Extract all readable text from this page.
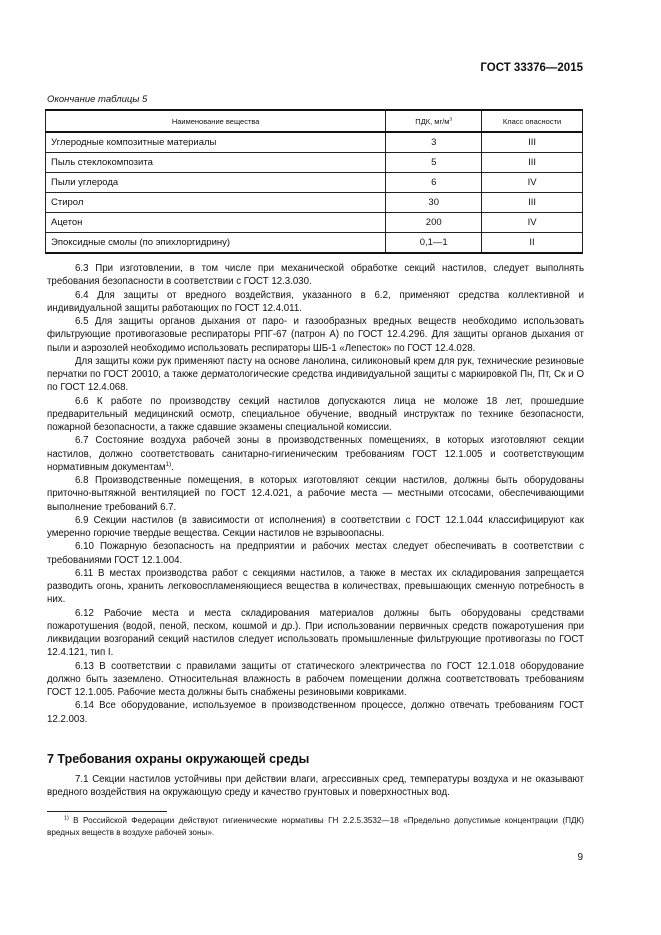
ГОСТ 33376—2015
Окончание таблицы 5
Наименование вещества	ПДК, $мг/м^3$	Класс опасности
Углеродные композитные материалы	3	III
Пыль стеклокомпозита	5	III
Пыли углерода	6	IV
Стирол	30	III
Ацетон	200	IV
Эпоксидные смолы (по эпихлоргидрину)	0,1—1	II

6.3 При изготовлении, в том числе при механической обработке секций настилов, следует выполнять требования безопасности в соответствии с ГОСТ 12.3.030.

6.4 Для защиты от вредного воздействия, указанного в 6.2, применяют средства коллективной и индивидуальной защиты работающих по ГОСТ 12.4.011.

6.5 Для защиты органов дыхания от паро- и газообразных вредных веществ необходимо использовать фильтрующие противогазовые респираторы РПГ-67 (патрон А) по ГОСТ 12.4.296. Для защиты органов дыхания от пыли и аэрозолей необходимо использовать респираторы ШБ-1 «Лепесток» по ГОСТ 12.4.028.

Для защиты кожи рук применяют пасту на основе ланолина, силиконовый крем для рук, технические резиновые перчатки по ГОСТ 20010, а также дерматологические средства индивидуальной защиты с маркировкой Пн, Пт, Ск и О по ГОСТ 12.4.068.

6.6 К работе по производству секций настилов допускаются лица не моложе 18 лет, прошедшие предварительный медицинский осмотр, специальное обучение, вводный инструктаж по технике безопасности, пожарной безопасности, а также сдавшие экзамены специальной комиссии.

6.7 Состояние воздуха рабочей зоны в производственных помещениях, в которых изготовляют секции настилов, должно соответствовать санитарно-гигиеническим требованиям ГОСТ 12.1.005 и соответствующим нормативным документам$^{1)}$.

6.8 Производственные помещения, в которых изготовляют секции настилов, должны быть оборудованы приточно-вытяжной вентиляцией по ГОСТ 12.4.021, а рабочие места — местными отсосами, обеспечивающими выполнение требований 6.7.

6.9 Секции настилов (в зависимости от исполнения) в соответствии с ГОСТ 12.1.044 классифицируют как умеренно горючие твердые вещества. Секции настилов не взрывоопасны.

6.10 Пожарную безопасность на предприятии и рабочих местах следует обеспечивать в соответствии с требованиями ГОСТ 12.1.004.

6.11 В местах производства работ с секциями настилов, а также в местах их складирования запрещается разводить огонь, хранить легковоспламеняющиеся вещества в количествах, превышающих сменную потребность в них.

6.12 Рабочие места и места складирования материалов должны быть оборудованы средствами пожаротушения (водой, пеной, песком, кошмой и др.). При использовании первичных средств пожаротушения при ликвидации возгораний секций настилов следует использовать промышленные фильтрующие противогазы по ГОСТ 12.4.121, тип I.

6.13 В соответствии с правилами защиты от статического электричества по ГОСТ 12.1.018 оборудование должно быть заземлено. Относительная влажность в рабочем помещении должна соответствовать требованиям ГОСТ 12.1.005. Рабочие места должны быть снабжены резиновыми ковриками.

6.14 Все оборудование, используемое в производственном процессе, должно отвечать требованиям ГОСТ 12.2.003.

7 Требования охраны окружающей среды

7.1 Секции настилов устойчивы при действии влаги, агрессивных сред, температуры воздуха и не оказывают вредного воздействия на окружающую среду и качество грунтовых и поверхностных вод.

$^{1)}$ В Российской Федерации действуют гигиенические нормативы ГН 2.2.5.3532—18 «Предельно допустимые концентрации (ПДК) вредных веществ в воздухе рабочей зоны».

9
